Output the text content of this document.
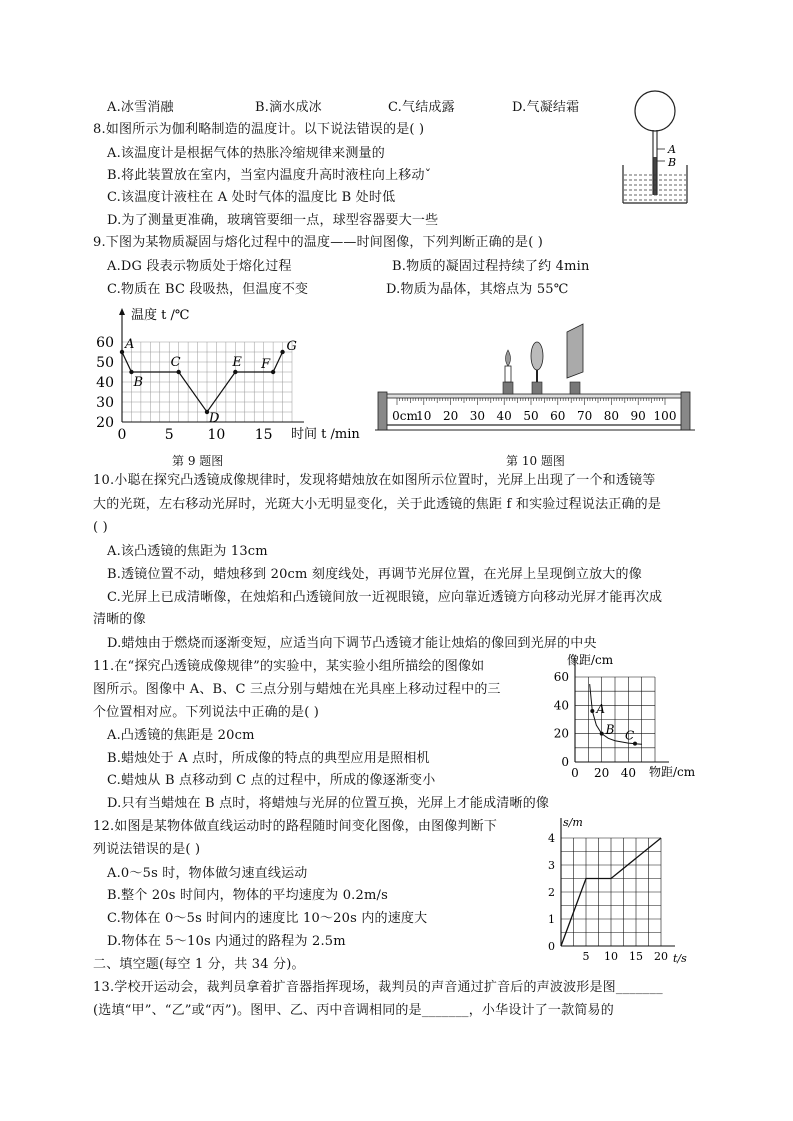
A.冰雪消融	B.滴水成冰	C.气结成露	D.气凝结霜
8.如图所示为伽利略制造的温度计。以下说法错误的是( )
A.该温度计是根据气体的热胀冷缩规律来测量的
B.将此装置放在室内，当室内温度升高时液柱向上移动ˇ
C.该温度计液柱在 A 处时气体的温度比 B 处时低
D.为了测量更准确，玻璃管要细一点，球型容器要大一些
A
B
9.下图为某物质凝固与熔化过程中的温度——时间图像，下列判断正确的是( )
A.DG 段表示物质处于熔化过程	B.物质的凝固过程持续了约 4min
C.物质在 BC 段吸热，但温度不变	D.物质为晶体，其熔点为 55℃
20
30
40
50
60
0	5 10 15
A
B
C
D
E F
G
温度 t /℃
时间 t /min
第 9 题图
0cm
10 20 30 40 50 60 70 80 90 100
第 10 题图
10.小聪在探究凸透镜成像规律时，发现将蜡烛放在如图所示位置时，光屏上出现了一个和透镜等
大的光斑，左右移动光屏时，光斑大小无明显变化，关于此透镜的焦距 f 和实验过程说法正确的是
( )
A.该凸透镜的焦距为 13cm
B.透镜位置不动，蜡烛移到 20cm 刻度线处，再调节光屏位置，在光屏上呈现倒立放大的像
C.光屏上已成清晰像，在烛焰和凸透镜间放一近视眼镜，应向靠近透镜方向移动光屏才能再次成
清晰的像
D.蜡烛由于燃烧而逐渐变短，应适当向下调节凸透镜才能让烛焰的像回到光屏的中央
11.在“探究凸透镜成像规律”的实验中，某实验小组所描绘的图像如
图所示。图像中 A、B、C 三点分别与蜡烛在光具座上移动过程中的三
个位置相对应。下列说法中正确的是( )
A.凸透镜的焦距是 20cm
B.蜡烛处于 A 点时，所成像的特点的典型应用是照相机
C.蜡烛从 B 点移动到 C 点的过程中，所成的像逐渐变小
D.只有当蜡烛在 B 点时，将蜡烛与光屏的位置互换，光屏上才能成清晰的像
0
20
40
60
0 20 40
A
B C
像距/cm
物距/cm
12.如图是某物体做直线运动时的路程随时间变化图像，由图像判断下
列说法错误的是( )
A.0～5s 时，物体做匀速直线运动
B.整个 20s 时间内，物体的平均速度为 0.2m/s
C.物体在 0～5s 时间内的速度比 10～20s 内的速度大
D.物体在 5～10s 内通过的路程为 2.5m	0
1
2
3
4
5 10 15 20
s/m
t/s
二、填空题(每空 1 分，共 34 分)。
13.学校开运动会，裁判员拿着扩音器指挥现场，裁判员的声音通过扩音后的声波波形是图_______
(选填“甲”、“乙”或“丙”)。图甲、乙、丙中音调相同的是_______，小华设计了一款简易的
